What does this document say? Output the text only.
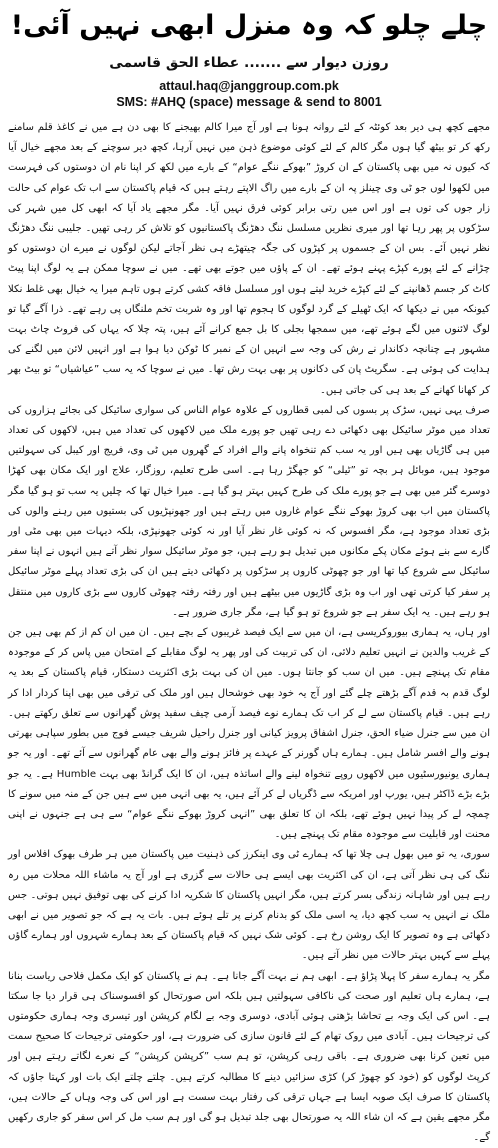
چلے چلو کہ وہ منزل ابھی نہیں آئی!
روزن دیوار سے ....... عطاء الحق قاسمی
attaul.haq@janggroup.com.pk
SMS: #AHQ (space) message & send to 8001

مجھے کچھ ہی دیر بعد کوئٹہ کے لئے روانہ ہونا ہے اور آج میرا کالم بھیجنے کا بھی دن ہے میں نے کاغذ قلم سامنے رکھ کر تو بیٹھ گیا ہوں مگر کالم کے لئے کوئی موضوع ذہن میں نہیں آرہا، کچھ دیر سوچنے کے بعد مجھے خیال آیا کہ کیوں نہ میں بھی پاکستان کے ان کروڑ ”بھوکے ننگے عوام“ کے بارے میں لکھ کر اپنا نام ان دوستوں کی فہرست میں لکھوا لوں جو ٹی وی چینلز پہ ان کے بارے میں راگ الاپتے رہتے ہیں کہ قیام پاکستان سے اب تک عوام کی حالت زار جوں کی توں ہے اور اس میں رتی برابر کوئی فرق نہیں آیا۔ مگر مجھے یاد آیا کہ ابھی کل میں شہر کی سڑکوں پر پھر رہا تھا اور میری نظریں مسلسل ننگ دھڑنگ پاکستانیوں کو تلاش کر رہی تھیں۔ جلیبی ننگ دھڑنگ نظر نہیں آئے۔ بس ان کے جسموں پر کپڑوں کی جگہ چیتھڑے ہی نظر آجاتے لیکن لوگوں نے میرے ان دوستوں کو چڑانے کے لئے پورے کپڑے پہنے ہوئے تھے۔ ان کے پاؤں میں جوتے بھی تھے۔ میں نے سوچا ممکن ہے یہ لوگ اپنا پیٹ کاٹ کر جسم ڈھانپنے کے لئے کپڑے خرید لیتے ہوں اور مسلسل فاقہ کشی کرتے ہوں تاہم میرا یہ خیال بھی غلط نکلا کیونکہ میں نے دیکھا کہ ایک ٹھیلے کے گرد لوگوں کا ہجوم تھا اور وہ شربت تخم ملنگاں پی رہے تھے۔ ذرا آگے گیا تو لوگ لائنوں میں لگے ہوئے تھے، میں سمجھا بجلی کا بل جمع کرانے آئے ہیں، پتہ چلا کہ یہاں کی فروٹ چاٹ بہت مشہور ہے چنانچہ دکاندار نے رش کی وجہ سے انہیں ان کے نمبر کا ٹوکن دیا ہوا ہے اور انہیں لائن میں لگنے کی ہدایت کی ہوئی ہے۔ سگریٹ پان کی دکانوں پر بھی بہت رش تھا۔ میں نے سوچا کہ یہ سب ”عیاشیاں“ تو بیٹ بھر کر کھانا کھانے کے بعد ہی کی جاتی ہیں۔

صرف یہی نہیں، سڑک پر بسوں کی لمبی قطاروں کے علاوہ عوام الناس کی سواری سائیکل کی بجائے ہزاروں کی تعداد میں موٹر سائیکل بھی دکھائی دے رہی تھیں جو پورے ملک میں لاکھوں کی تعداد میں ہیں، لاکھوں کی تعداد میں ہی گاڑیاں بھی ہیں اور یہ سب کم تنخواہ پانے والے افراد کے گھروں میں ٹی وی، فریج اور کیبل کی سہولتیں موجود ہیں، موبائل ہر بچہ تو ”ٹیلی“ کو جھگڑ رہا ہے۔ اسی طرح تعلیم، روزگار، علاج اور ایک مکان بھی کھڑا دوسرے گئر میں بھی ہے جو پورے ملک کی طرح کہیں بہتر ہو گیا ہے۔ میرا خیال تھا کہ چلیں یہ سب تو ہو گیا مگر پاکستان میں اب بھی کروڑ بھوکے ننگے عوام غاروں میں رہتے ہیں اور جھونپڑیوں کی بستیوں میں رہنے والوں کی بڑی تعداد موجود ہے، مگر افسوس کہ نہ کوئی غار نظر آیا اور نہ کوئی جھونپڑی، بلکہ دیہات میں بھی مٹی اور گارے سے بنے ہوئے مکان پکے مکانوں میں تبدیل ہو رہے ہیں، جو موٹر سائیکل سوار نظر آتے ہیں انہوں نے اپنا سفر سائیکل سے شروع کیا تھا اور جو چھوٹی کاروں پر سڑکوں پر دکھائی دیتے ہیں ان کی بڑی تعداد پہلے موٹر سائیکل پر سفر کیا کرتی تھی اور اب وہ بڑی گاڑیوں میں بیٹھے ہیں اور رفتہ رفتہ چھوٹی کاروں سے بڑی کاروں میں منتقل ہو رہے ہیں۔ یہ ایک سفر ہے جو شروع تو ہو گیا ہے، مگر جاری ضرور ہے۔

اور ہاں، یہ ہماری بیوروکریسی ہے، ان میں سے ایک فیصد غریبوں کے بچے ہیں۔ ان میں ان کم از کم بھی ہیں جن کے غریب والدین نے انہیں تعلیم دلائی، ان کی تربیت کی اور پھر یہ لوگ مقابلے کے امتحان میں پاس کر کے موجودہ مقام تک پہنچے ہیں۔ میں ان سب کو جانتا ہوں۔ میں ان کی بہت بڑی اکثریت دستکار، قیام پاکستان کے بعد یہ لوگ قدم بہ قدم آگے بڑھتے چلے گئے اور آج یہ خود بھی خوشحال ہیں اور ملک کی ترقی میں بھی اپنا کردار ادا کر رہے ہیں۔ قیام پاکستان سے لے کر اب تک ہمارے نوے فیصد آرمی چیف سفید پوش گھرانوں سے تعلق رکھتے ہیں۔ ان میں سے جنرل ضیاء الحق، جنرل اشفاق پرویز کیانی اور جنرل راحیل شریف جیسے فوج میں بطور سپاہی بھرتی ہونے والے افسر شامل ہیں۔ ہمارے ہاں گورنر کے عہدے پر فائز ہونے والے بھی عام گھرانوں سے آئے تھے۔ اور یہ جو ہماری یونیورسٹیوں میں لاکھوں روپے تنخواہ لینے والے اساتذہ ہیں، ان کا ایک گرانڈ بھی بہت Humble ہے۔ یہ جو بڑے بڑے ڈاکٹر ہیں، یورپ اور امریکہ سے ڈگریاں لے کر آئے ہیں، یہ بھی انہی میں سے ہیں جن کے منہ میں سونے کا چمچہ لے کر پیدا نہیں ہوئے تھے، بلکہ ان کا تعلق بھی ”انہی کروڑ بھوکے ننگے عوام“ سے ہی ہے جنہوں نے اپنی محنت اور قابلیت سے موجودہ مقام تک پہنچے ہیں۔

سوری، یہ تو میں بھول ہی چلا تھا کہ ہمارے ٹی وی اینکرز کی ذہنیت میں پاکستان میں ہر طرف بھوک افلاس اور ننگ کی ہی نظر آتی ہے، ان کی اکثریت بھی ایسے ہی حالات سے گزری ہے اور آج یہ ماشاء اللہ محلات میں رہ رہے ہیں اور شاہانہ زندگی بسر کرتے ہیں، مگر انہیں پاکستان کا شکریہ ادا کرنے کی بھی توفیق نہیں ہوتی۔ جس ملک نے انہیں یہ سب کچھ دیا، یہ اسی ملک کو بدنام کرنے پر تلے ہوئے ہیں۔ بات یہ ہے کہ جو تصویر میں نے ابھی دکھائی ہے وہ تصویر کا ایک روشن رخ ہے۔ کوئی شک نہیں کہ قیام پاکستان کے بعد ہمارے شہروں اور ہمارے گاؤں پہلے سے کہیں بہتر حالات میں نظر آتے ہیں۔

مگر یہ ہمارے سفر کا پہلا پڑاؤ ہے۔ ابھی ہم نے بہت آگے جانا ہے۔ ہم نے پاکستان کو ایک مکمل فلاحی ریاست بنانا ہے، ہمارے ہاں تعلیم اور صحت کی ناکافی سہولتیں ہیں بلکہ اس صورتحال کو افسوسناک ہی قرار دیا جا سکتا ہے۔ اس کی ایک وجہ بے تحاشا بڑھتی ہوئی آبادی، دوسری وجہ بے لگام کرپشن اور تیسری وجہ ہماری حکومتوں کی ترجیحات ہیں۔ آبادی میں روک تھام کے لئے قانون سازی کی ضرورت ہے، اور حکومتی ترجیحات کا صحیح سمت میں تعین کرنا بھی ضروری ہے۔ باقی رہی کرپشن، تو ہم سب ”کرپشن کرپشن“ کے نعرے لگاتے رہتے ہیں اور کرپٹ لوگوں کو (خود کو چھوڑ کر) کڑی سزائیں دینے کا مطالبہ کرتے ہیں۔ چلتے چلتے ایک بات اور کہتا جاؤں کہ پاکستان کا صرف ایک صوبہ ایسا ہے جہاں ترقی کی رفتار بہت سست ہے اور اس کی وجہ وہاں کے حالات ہیں، مگر مجھے یقین ہے کہ ان شاء اللہ یہ صورتحال بھی جلد تبدیل ہو گی اور ہم سب مل کر اس سفر کو جاری رکھیں گے۔
